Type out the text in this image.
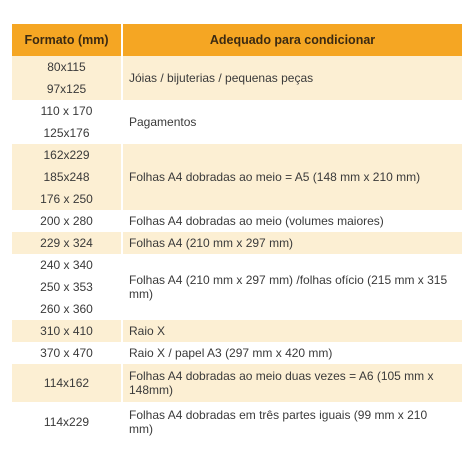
Formato (mm)	Adequado para condicionar
80x115	Jóias / bijuterias / pequenas peças
97x125	
110 x 170	Pagamentos
125x176	
162x229	Folhas A4 dobradas ao meio = A5 (148 mm x 210 mm)
185x248	
176 x 250	
200 x 280	Folhas A4 dobradas ao meio (volumes maiores)
229 x 324	Folhas A4 (210 mm x 297 mm)
240 x 340	Folhas A4 (210 mm x 297 mm) /folhas ofício (215 mm x 315 mm)
250 x 353	
260 x 360	
310 x 410	Raio X
370 x 470	Raio X / papel A3 (297 mm x 420 mm)
114x162	Folhas A4 dobradas ao meio duas vezes = A6 (105 mm x 148mm)
114x229	Folhas A4 dobradas em três partes iguais (99 mm x 210 mm)
